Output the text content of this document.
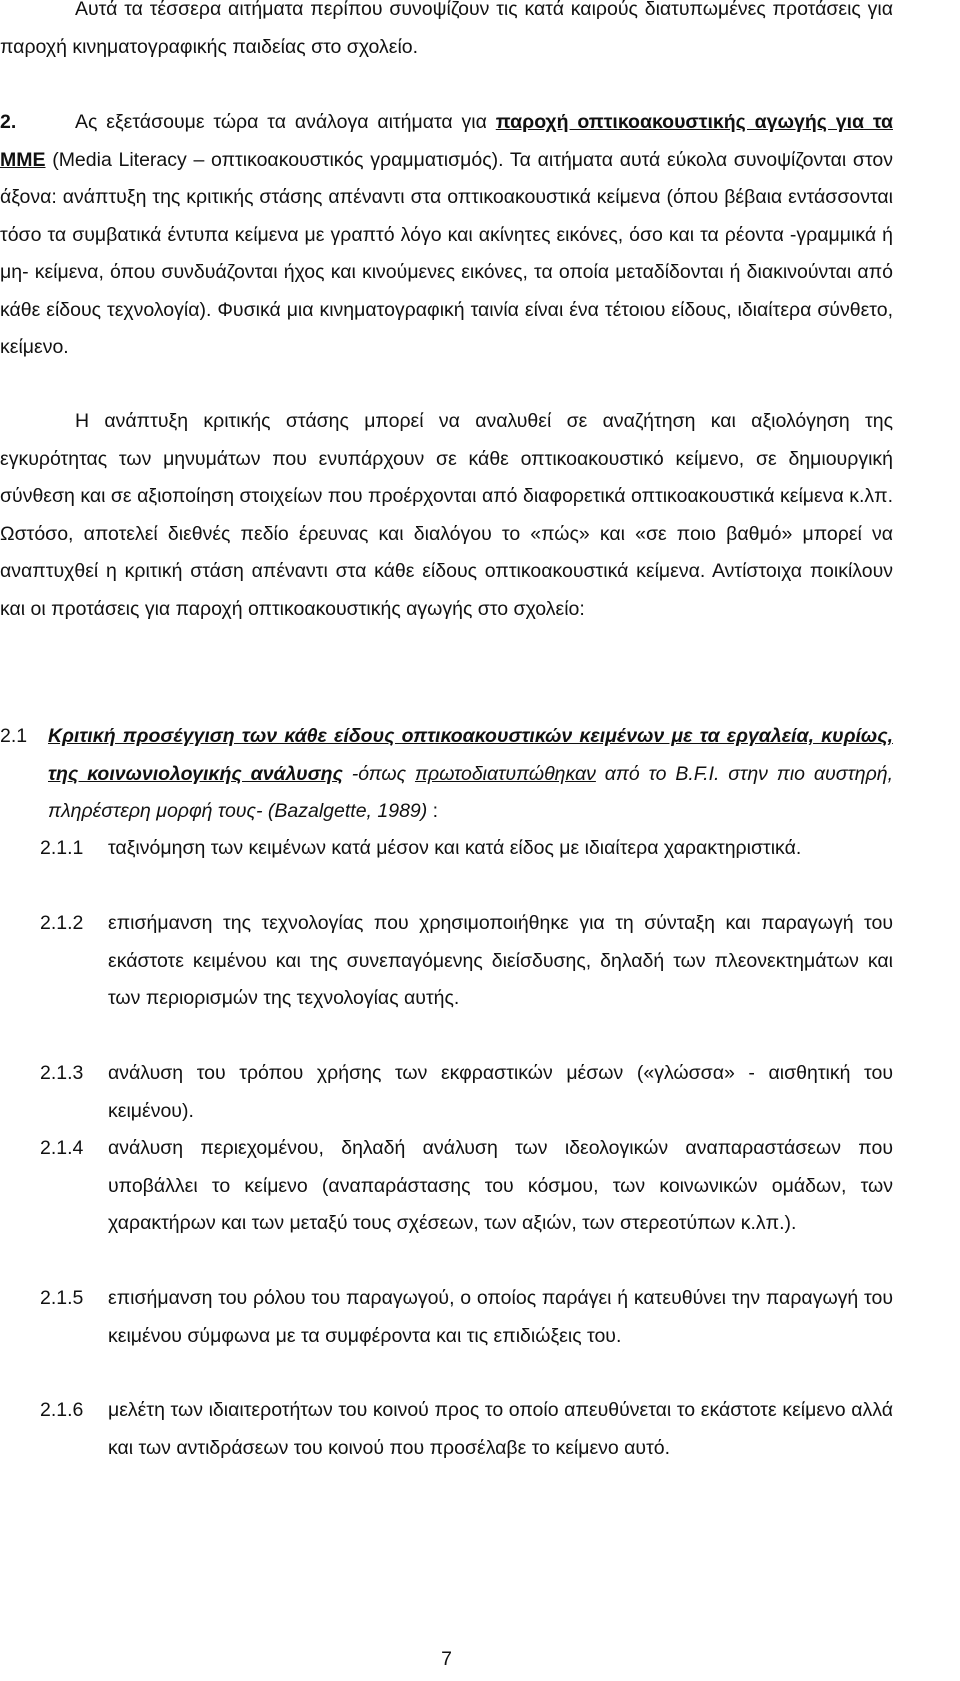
Αυτά τα τέσσερα αιτήματα περίπου συνοψίζουν τις κατά καιρούς διατυπωμένες προτάσεις για παροχή κινηματογραφικής παιδείας στο σχολείο.
2.	Ας εξετάσουμε τώρα τα ανάλογα αιτήματα για παροχή οπτικοακουστικής αγωγής για τα ΜΜΕ (Media Literacy – οπτικοακουστικός γραμματισμός). Τα αιτήματα αυτά εύκολα συνοψίζονται στον άξονα: ανάπτυξη της κριτικής στάσης απέναντι στα οπτικοακουστικά κείμενα (όπου βέβαια εντάσσονται τόσο τα συμβατικά έντυπα κείμενα με γραπτό λόγο και ακίνητες εικόνες, όσο και τα ρέοντα -γραμμικά ή μη- κείμενα, όπου συνδυάζονται ήχος και κινούμενες εικόνες, τα οποία μεταδίδονται ή διακινούνται από κάθε είδους τεχνολογία). Φυσικά μια κινηματογραφική ταινία είναι ένα τέτοιου είδους, ιδιαίτερα σύνθετο, κείμενο.
Η ανάπτυξη κριτικής στάσης μπορεί να αναλυθεί σε αναζήτηση και αξιολόγηση της εγκυρότητας των μηνυμάτων που ενυπάρχουν σε κάθε οπτικοακουστικό κείμενο, σε δημιουργική σύνθεση και σε αξιοποίηση στοιχείων που προέρχονται από διαφορετικά οπτικοακουστικά κείμενα κ.λπ. Ωστόσο, αποτελεί διεθνές πεδίο έρευνας και διαλόγου το «πώς» και «σε ποιο βαθμό» μπορεί να αναπτυχθεί η κριτική στάση απέναντι στα κάθε είδους οπτικοακουστικά κείμενα. Αντίστοιχα ποικίλουν και οι προτάσεις για παροχή οπτικοακουστικής αγωγής στο σχολείο:
2.1 Κριτική προσέγγιση των κάθε είδους οπτικοακουστικών κειμένων με τα εργαλεία, κυρίως, της κοινωνιολογικής ανάλυσης -όπως πρωτοδιατυπώθηκαν από το B.F.I. στην πιο αυστηρή, πληρέστερη μορφή τους- (Bazalgette, 1989) :
2.1.1 ταξινόμηση των κειμένων κατά μέσον και κατά είδος με ιδιαίτερα χαρακτηριστικά.
2.1.2 επισήμανση της τεχνολογίας που χρησιμοποιήθηκε για τη σύνταξη και παραγωγή του εκάστοτε κειμένου και της συνεπαγόμενης διείσδυσης, δηλαδή των πλεονεκτημάτων και των περιορισμών της τεχνολογίας αυτής.
2.1.3 ανάλυση του τρόπου χρήσης των εκφραστικών μέσων («γλώσσα» - αισθητική του κειμένου).
2.1.4 ανάλυση περιεχομένου, δηλαδή ανάλυση των ιδεολογικών αναπαραστάσεων που υποβάλλει το κείμενο (αναπαράστασης του κόσμου, των κοινωνικών ομάδων, των χαρακτήρων και των μεταξύ τους σχέσεων, των αξιών, των στερεοτύπων κ.λπ.).
2.1.5 επισήμανση του ρόλου του παραγωγού, ο οποίος παράγει ή κατευθύνει την παραγωγή του κειμένου σύμφωνα με τα συμφέροντα και τις επιδιώξεις του.
2.1.6 μελέτη των ιδιαιτεροτήτων του κοινού προς το οποίο απευθύνεται το εκάστοτε κείμενο αλλά και των αντιδράσεων του κοινού που προσέλαβε το κείμενο αυτό.
7
